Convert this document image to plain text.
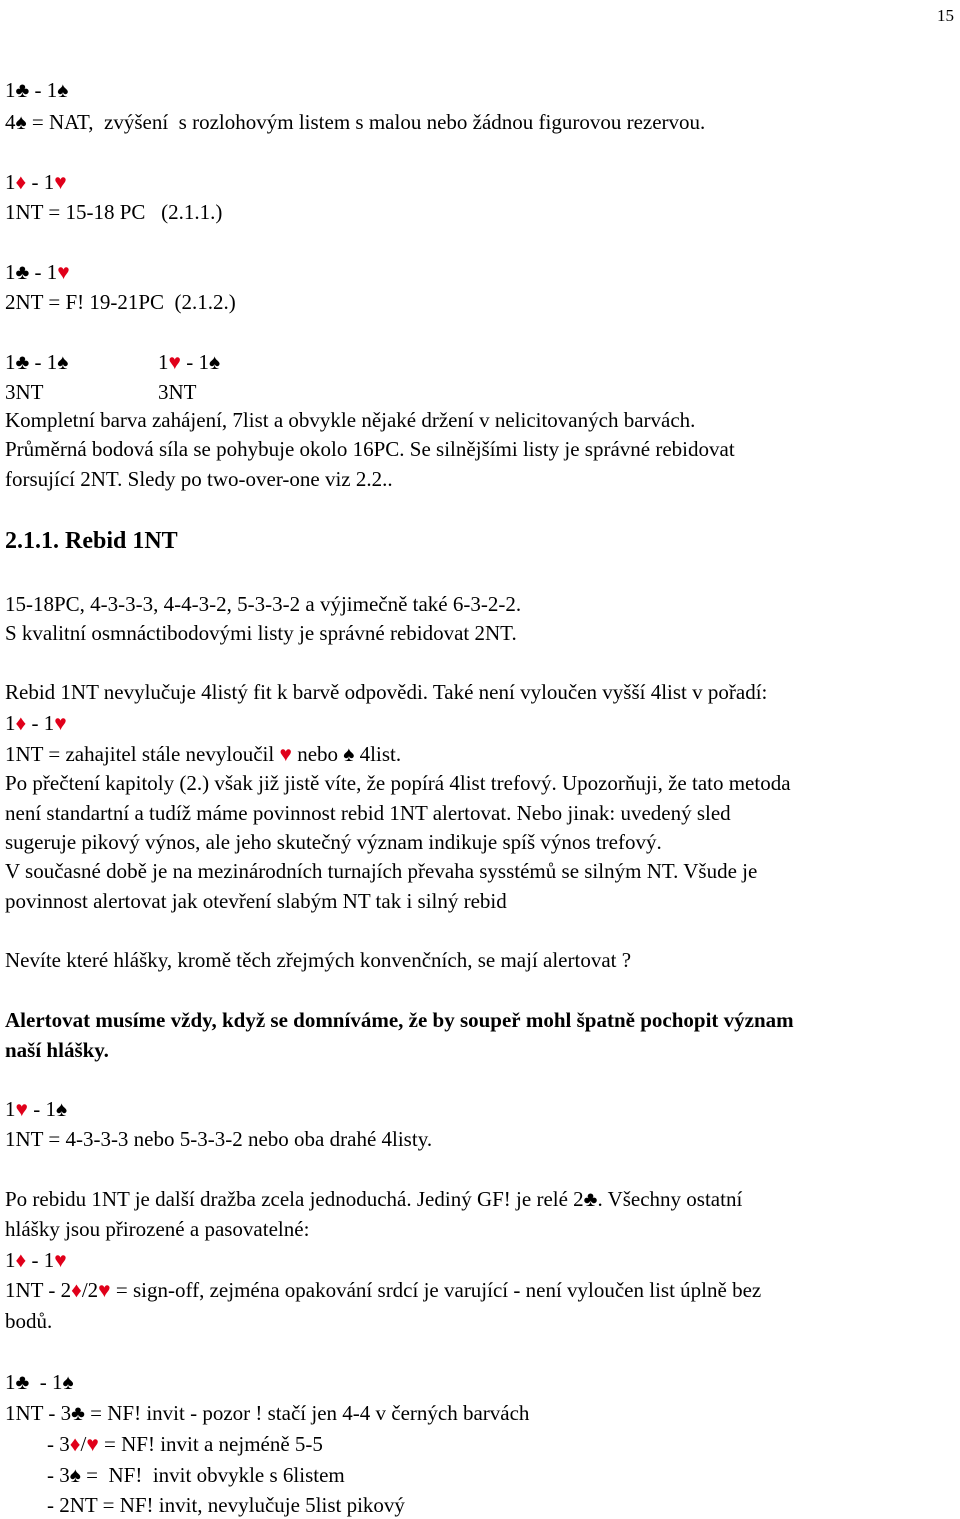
15
1♣ - 1♠
4♠ = NAT,  zvýšení  s rozlohovým listem s malou nebo žádnou figurovou rezervou.
1♦ - 1♥
1NT = 15-18 PC   (2.1.1.)
1♣ - 1♥
2NT = F! 19-21PC  (2.1.2.)
1♣ - 1♠	1♥ - 1♠
3NT	3NT
Kompletní barva zahájení, 7list a obvykle nějaké držení v nelicitovaných barvách.
Průměrná bodová síla se pohybuje okolo 16PC. Se silnějšími listy je správné rebidovat
forsující 2NT. Sledy po two-over-one viz 2.2..
2.1.1. Rebid 1NT
15-18PC, 4-3-3-3, 4-4-3-2, 5-3-3-2 a výjimečně také 6-3-2-2.
S kvalitní osmnáctibodovými listy je správné rebidovat 2NT.
Rebid 1NT nevylučuje 4listý fit k barvě odpovědi. Také není vyloučen vyšší 4list v pořadí:
1♦ - 1♥
1NT = zahajitel stále nevyloučil ♥ nebo ♠ 4list.
Po přečtení kapitoly (2.) však již jistě víte, že popírá 4list trefový. Upozorňuji, že tato metoda
není standartní a tudíž máme povinnost rebid 1NT alertovat. Nebo jinak: uvedený sled
sugeruje pikový výnos, ale jeho skutečný význam indikuje spíš výnos trefový.
V současné době je na mezinárodních turnajích převaha sysstémů se silným NT. Všude je
povinnost alertovat jak otevření slabým NT tak i silný rebid
Nevíte které hlášky, kromě těch zřejmých konvenčních, se mají alertovat ?
Alertovat musíme vždy, když se domníváme, že by soupeř mohl špatně pochopit význam
naší hlášky.
1♥ - 1♠
1NT = 4-3-3-3 nebo 5-3-3-2 nebo oba drahé 4listy.
Po rebidu 1NT je další dražba zcela jednoduchá. Jediný GF! je relé 2♣. Všechny ostatní
hlášky jsou přirozené a pasovatelné:
1♦ - 1♥
1NT - 2♦/2♥ = sign-off, zejména opakování srdcí je varující - není vyloučen list úplně bez
bodů.
1♣  - 1♠
1NT - 3♣ = NF! invit - pozor ! stačí jen 4-4 v černých barvách
- 3♦/♥ = NF! invit a nejméně 5-5
- 3♠ =  NF!  invit obvykle s 6listem
- 2NT = NF! invit, nevylučuje 5list pikový
